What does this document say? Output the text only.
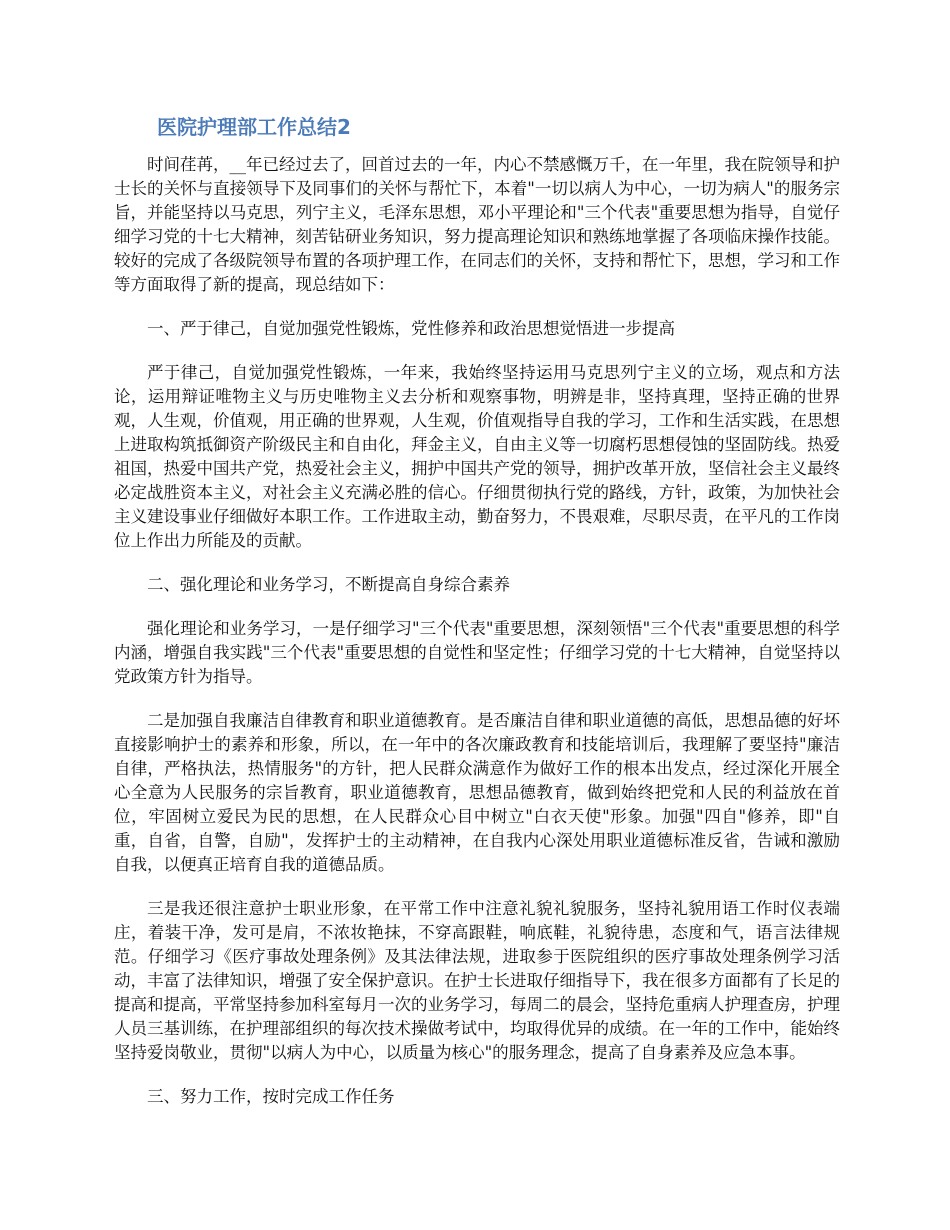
医院护理部工作总结2

时间荏苒，__年已经过去了，回首过去的一年，内心不禁感慨万千，在一年里，我在院领导和护士长的关怀与直接领导下及同事们的关怀与帮忙下，本着"一切以病人为中心，一切为病人"的服务宗旨，并能坚持以马克思，列宁主义，毛泽东思想，邓小平理论和"三个代表"重要思想为指导，自觉仔细学习党的十七大精神，刻苦钻研业务知识，努力提高理论知识和熟练地掌握了各项临床操作技能。较好的完成了各级院领导布置的各项护理工作，在同志们的关怀，支持和帮忙下，思想，学习和工作等方面取得了新的提高，现总结如下：

一、严于律己，自觉加强党性锻炼，党性修养和政治思想觉悟进一步提高

严于律己，自觉加强党性锻炼，一年来，我始终坚持运用马克思列宁主义的立场，观点和方法论，运用辩证唯物主义与历史唯物主义去分析和观察事物，明辨是非，坚持真理，坚持正确的世界观，人生观，价值观，用正确的世界观，人生观，价值观指导自我的学习，工作和生活实践，在思想上进取构筑抵御资产阶级民主和自由化，拜金主义，自由主义等一切腐朽思想侵蚀的坚固防线。热爱祖国，热爱中国共产党，热爱社会主义，拥护中国共产党的领导，拥护改革开放，坚信社会主义最终必定战胜资本主义，对社会主义充满必胜的信心。仔细贯彻执行党的路线，方针，政策，为加快社会主义建设事业仔细做好本职工作。工作进取主动，勤奋努力，不畏艰难，尽职尽责，在平凡的工作岗位上作出力所能及的贡献。

二、强化理论和业务学习，不断提高自身综合素养

强化理论和业务学习，一是仔细学习"三个代表"重要思想，深刻领悟"三个代表"重要思想的科学内涵，增强自我实践"三个代表"重要思想的自觉性和坚定性；仔细学习党的十七大精神，自觉坚持以党政策方针为指导。

二是加强自我廉洁自律教育和职业道德教育。是否廉洁自律和职业道德的高低，思想品德的好坏直接影响护士的素养和形象，所以，在一年中的各次廉政教育和技能培训后，我理解了要坚持"廉洁自律，严格执法，热情服务"的方针，把人民群众满意作为做好工作的根本出发点，经过深化开展全心全意为人民服务的宗旨教育，职业道德教育，思想品德教育，做到始终把党和人民的利益放在首位，牢固树立爱民为民的思想，在人民群众心目中树立"白衣天使"形象。加强"四自"修养，即"自重，自省，自警，自励"，发挥护士的主动精神，在自我内心深处用职业道德标准反省，告诫和激励自我，以便真正培育自我的道德品质。

三是我还很注意护士职业形象，在平常工作中注意礼貌礼貌服务，坚持礼貌用语工作时仪表端庄，着装干净，发可是肩，不浓妆艳抹，不穿高跟鞋，响底鞋，礼貌待患，态度和气，语言法律规范。仔细学习《医疗事故处理条例》及其法律法规，进取参于医院组织的医疗事故处理条例学习活动，丰富了法律知识，增强了安全保护意识。在护士长进取仔细指导下，我在很多方面都有了长足的提高和提高，平常坚持参加科室每月一次的业务学习，每周二的晨会，坚持危重病人护理查房，护理人员三基训练，在护理部组织的每次技术操做考试中，均取得优异的成绩。在一年的工作中，能始终坚持爱岗敬业，贯彻"以病人为中心，以质量为核心"的服务理念，提高了自身素养及应急本事。

三、努力工作，按时完成工作任务
